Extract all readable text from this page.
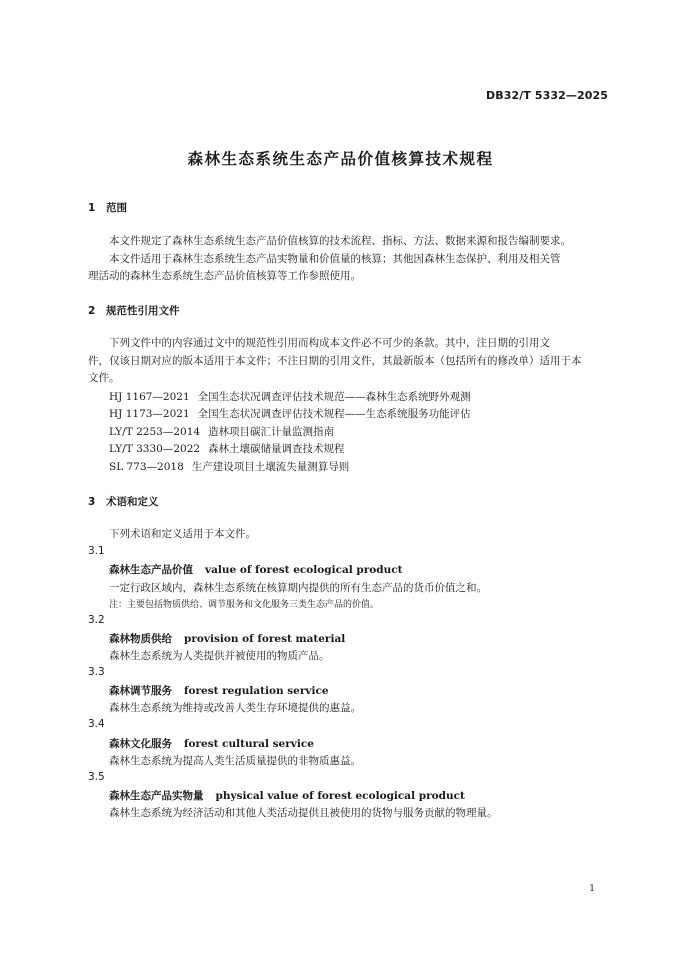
DB32/T 5332—2025
森林生态系统生态产品价值核算技术规程
1 范围
本文件规定了森林生态系统生态产品价值核算的技术流程、指标、方法、数据来源和报告编制要求。
本文件适用于森林生态系统生态产品实物量和价值量的核算；其他因森林生态保护、利用及相关管
理活动的森林生态系统生态产品价值核算等工作参照使用。
2 规范性引用文件
下列文件中的内容通过文中的规范性引用而构成本文件必不可少的条款。其中，注日期的引用文
件，仅该日期对应的版本适用于本文件；不注日期的引用文件，其最新版本（包括所有的修改单）适用于本
文件。
HJ 1167—2021 全国生态状况调查评估技术规范——森林生态系统野外观测
HJ 1173—2021 全国生态状况调查评估技术规程——生态系统服务功能评估
LY/T 2253—2014 造林项目碳汇计量监测指南
LY/T 3330—2022 森林土壤碳储量调查技术规程
SL 773—2018 生产建设项目土壤流失量测算导则
3 术语和定义
下列术语和定义适用于本文件。
3.1
森林生态产品价值 value of forest ecological product
一定行政区域内，森林生态系统在核算期内提供的所有生态产品的货币价值之和。
注：主要包括物质供给、调节服务和文化服务三类生态产品的价值。
3.2
森林物质供给 provision of forest material
森林生态系统为人类提供并被使用的物质产品。
3.3
森林调节服务 forest regulation service
森林生态系统为维持或改善人类生存环境提供的惠益。
3.4
森林文化服务 forest cultural service
森林生态系统为提高人类生活质量提供的非物质惠益。
3.5
森林生态产品实物量 physical value of forest ecological product
森林生态系统为经济活动和其他人类活动提供且被使用的货物与服务贡献的物理量。
1
